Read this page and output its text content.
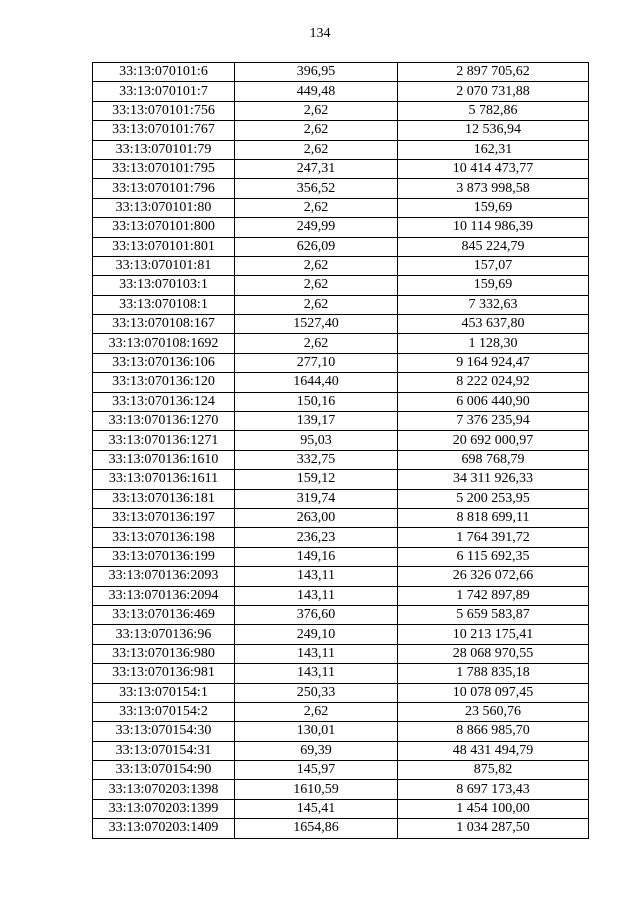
134
33:13:070101:6	396,95	2 897 705,62
33:13:070101:7	449,48	2 070 731,88
33:13:070101:756	2,62	5 782,86
33:13:070101:767	2,62	12 536,94
33:13:070101:79	2,62	162,31
33:13:070101:795	247,31	10 414 473,77
33:13:070101:796	356,52	3 873 998,58
33:13:070101:80	2,62	159,69
33:13:070101:800	249,99	10 114 986,39
33:13:070101:801	626,09	845 224,79
33:13:070101:81	2,62	157,07
33:13:070103:1	2,62	159,69
33:13:070108:1	2,62	7 332,63
33:13:070108:167	1527,40	453 637,80
33:13:070108:1692	2,62	1 128,30
33:13:070136:106	277,10	9 164 924,47
33:13:070136:120	1644,40	8 222 024,92
33:13:070136:124	150,16	6 006 440,90
33:13:070136:1270	139,17	7 376 235,94
33:13:070136:1271	95,03	20 692 000,97
33:13:070136:1610	332,75	698 768,79
33:13:070136:1611	159,12	34 311 926,33
33:13:070136:181	319,74	5 200 253,95
33:13:070136:197	263,00	8 818 699,11
33:13:070136:198	236,23	1 764 391,72
33:13:070136:199	149,16	6 115 692,35
33:13:070136:2093	143,11	26 326 072,66
33:13:070136:2094	143,11	1 742 897,89
33:13:070136:469	376,60	5 659 583,87
33:13:070136:96	249,10	10 213 175,41
33:13:070136:980	143,11	28 068 970,55
33:13:070136:981	143,11	1 788 835,18
33:13:070154:1	250,33	10 078 097,45
33:13:070154:2	2,62	23 560,76
33:13:070154:30	130,01	8 866 985,70
33:13:070154:31	69,39	48 431 494,79
33:13:070154:90	145,97	875,82
33:13:070203:1398	1610,59	8 697 173,43
33:13:070203:1399	145,41	1 454 100,00
33:13:070203:1409	1654,86	1 034 287,50
